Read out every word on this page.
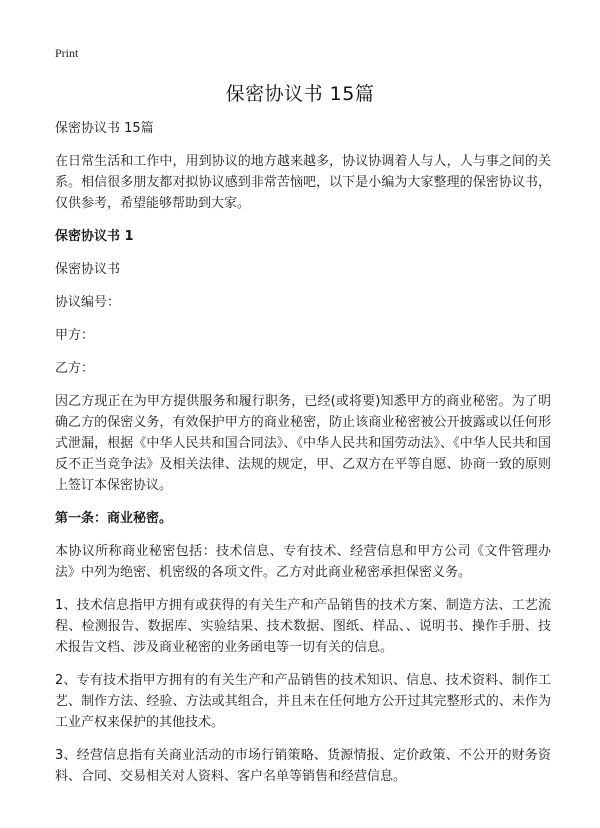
Print
保密协议书 15篇

保密协议书 15篇

在日常生活和工作中，用到协议的地方越来越多，协议协调着人与人，人与事之间的关系。相信很多朋友都对拟协议感到非常苦恼吧，以下是小编为大家整理的保密协议书，仅供参考，希望能够帮助到大家。

保密协议书 1

保密协议书

协议编号：

甲方：

乙方：

因乙方现正在为甲方提供服务和履行职务，已经(或将要)知悉甲方的商业秘密。为了明确乙方的保密义务，有效保护甲方的商业秘密，防止该商业秘密被公开披露或以任何形式泄漏，根据《中华人民共和国合同法》、《中华人民共和国劳动法》、《中华人民共和国反不正当竞争法》及相关法律、法规的规定，甲、乙双方在平等自愿、协商一致的原则上签订本保密协议。

第一条：商业秘密。

本协议所称商业秘密包括：技术信息、专有技术、经营信息和甲方公司《文件管理办法》中列为绝密、机密级的各项文件。乙方对此商业秘密承担保密义务。

1、技术信息指甲方拥有或获得的有关生产和产品销售的技术方案、制造方法、工艺流程、检测报告、数据库、实验结果、技术数据、图纸、样品、、说明书、操作手册、技术报告文档、涉及商业秘密的业务函电等一切有关的信息。

2、专有技术指甲方拥有的有关生产和产品销售的技术知识、信息、技术资料、制作工艺、制作方法、经验、方法或其组合，并且未在任何地方公开过其完整形式的、未作为工业产权来保护的其他技术。

3、经营信息指有关商业活动的市场行销策略、货源情报、定价政策、不公开的财务资料、合同、交易相关对人资料、客户名单等销售和经营信息。
